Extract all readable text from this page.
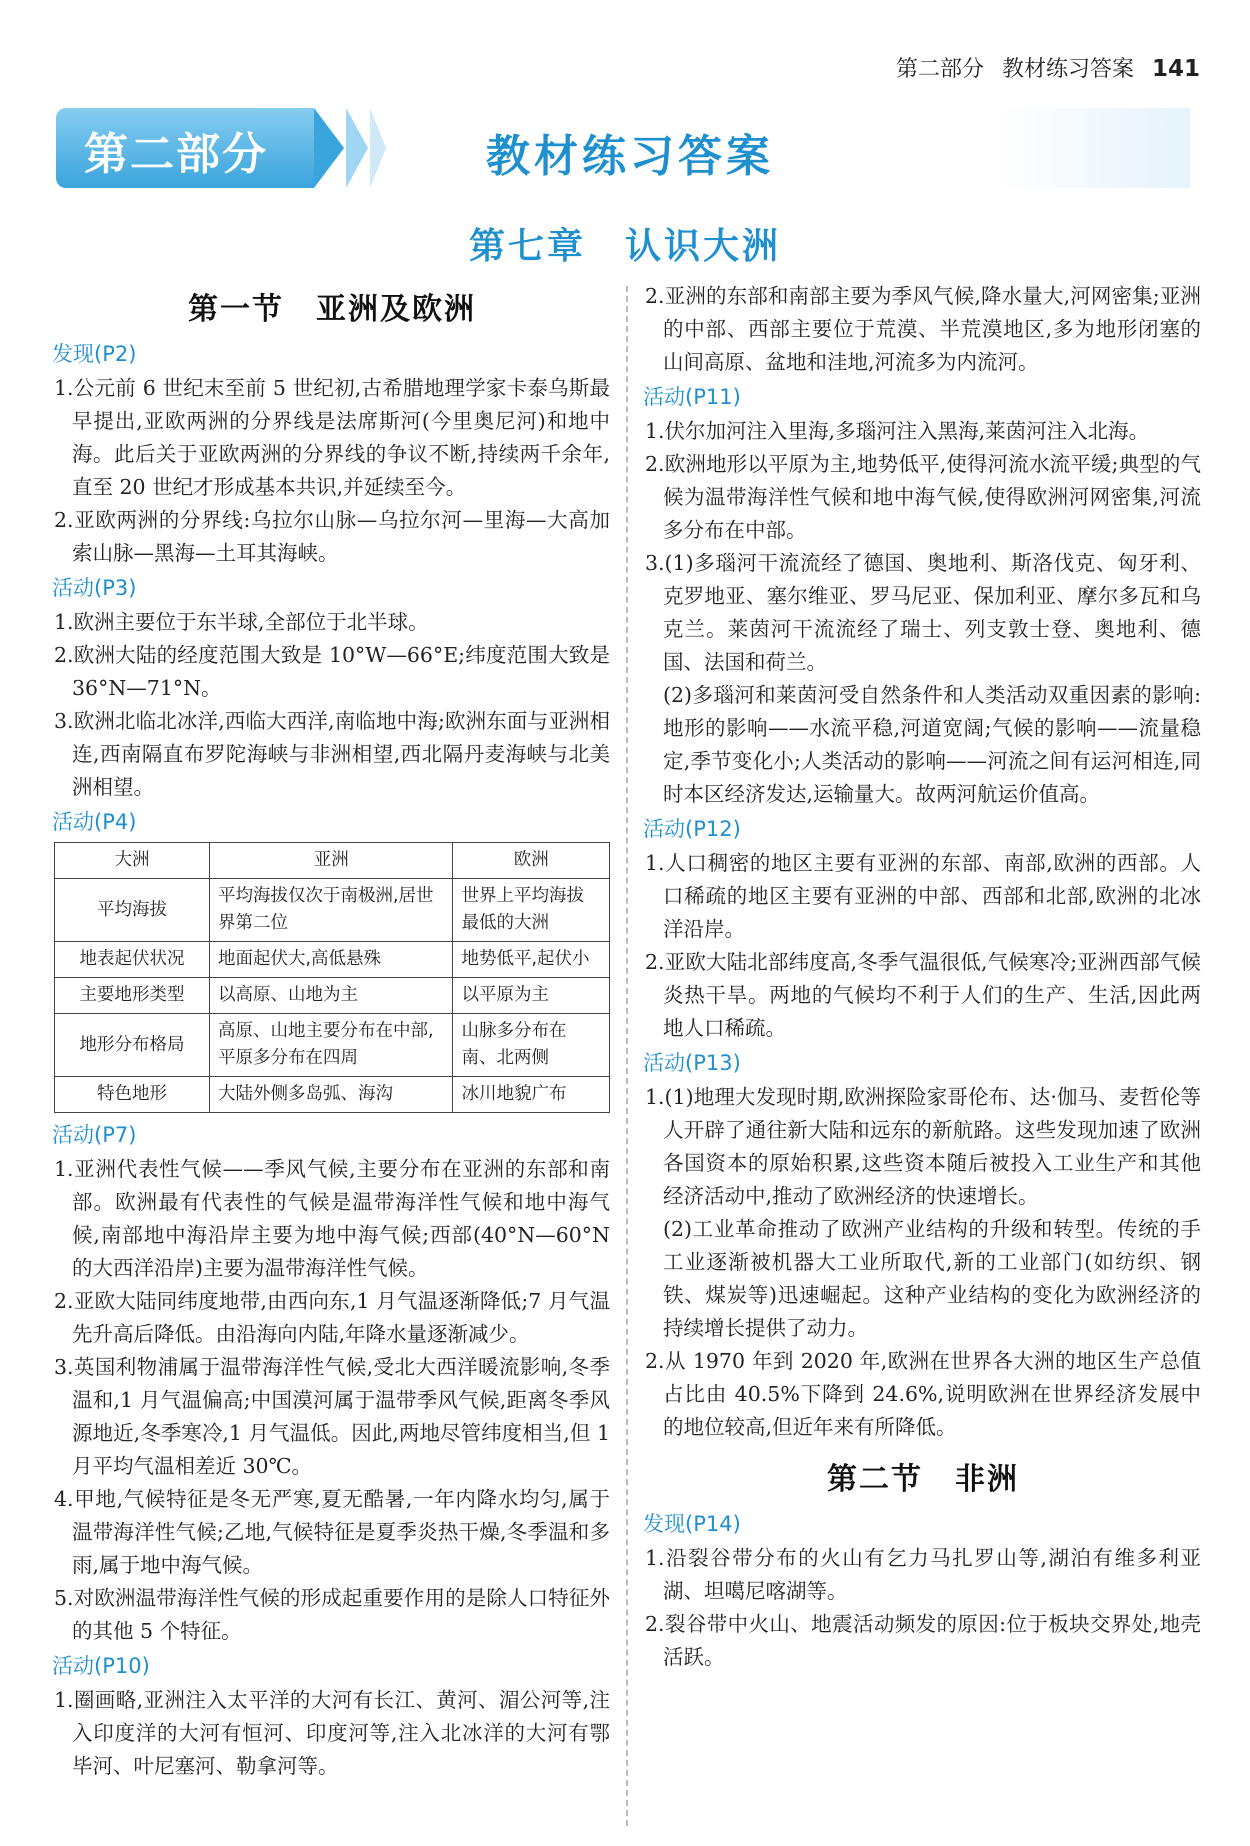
第二部分 教材练习答案 141
第二部分	教材练习答案
第七章　认识大洲
第一节　亚洲及欧洲
发现(P2)
1.公元前 6 世纪末至前 5 世纪初,古希腊地理学家卡泰乌斯最早提出,亚欧两洲的分界线是法席斯河(今里奥尼河)和地中海。此后关于亚欧两洲的分界线的争议不断,持续两千余年,直至 20 世纪才形成基本共识,并延续至今。
2.亚欧两洲的分界线:乌拉尔山脉—乌拉尔河—里海—大高加索山脉—黑海—土耳其海峡。
活动(P3)
1.欧洲主要位于东半球,全部位于北半球。
2.欧洲大陆的经度范围大致是 10°W—66°E;纬度范围大致是 36°N—71°N。
3.欧洲北临北冰洋,西临大西洋,南临地中海;欧洲东面与亚洲相连,西南隔直布罗陀海峡与非洲相望,西北隔丹麦海峡与北美洲相望。
活动(P4)
大洲	亚洲	欧洲
平均海拔	平均海拔仅次于南极洲,居世界第二位	世界上平均海拔最低的大洲
地表起伏状况	地面起伏大,高低悬殊	地势低平,起伏小
主要地形类型	以高原、山地为主	以平原为主
地形分布格局	高原、山地主要分布在中部,平原多分布在四周	山脉多分布在南、北两侧
特色地形	大陆外侧多岛弧、海沟	冰川地貌广布
活动(P7)
1.亚洲代表性气候——季风气候,主要分布在亚洲的东部和南部。欧洲最有代表性的气候是温带海洋性气候和地中海气候,南部地中海沿岸主要为地中海气候;西部(40°N—60°N 的大西洋沿岸)主要为温带海洋性气候。
2.亚欧大陆同纬度地带,由西向东,1 月气温逐渐降低;7 月气温先升高后降低。由沿海向内陆,年降水量逐渐减少。
3.英国利物浦属于温带海洋性气候,受北大西洋暖流影响,冬季温和,1 月气温偏高;中国漠河属于温带季风气候,距离冬季风源地近,冬季寒冷,1 月气温低。因此,两地尽管纬度相当,但 1 月平均气温相差近 30℃。
4.甲地,气候特征是冬无严寒,夏无酷暑,一年内降水均匀,属于温带海洋性气候;乙地,气候特征是夏季炎热干燥,冬季温和多雨,属于地中海气候。
5.对欧洲温带海洋性气候的形成起重要作用的是除人口特征外的其他 5 个特征。
活动(P10)
1.圈画略,亚洲注入太平洋的大河有长江、黄河、湄公河等,注入印度洋的大河有恒河、印度河等,注入北冰洋的大河有鄂毕河、叶尼塞河、勒拿河等。
2.亚洲的东部和南部主要为季风气候,降水量大,河网密集;亚洲的中部、西部主要位于荒漠、半荒漠地区,多为地形闭塞的山间高原、盆地和洼地,河流多为内流河。
活动(P11)
1.伏尔加河注入里海,多瑙河注入黑海,莱茵河注入北海。
2.欧洲地形以平原为主,地势低平,使得河流水流平缓;典型的气候为温带海洋性气候和地中海气候,使得欧洲河网密集,河流多分布在中部。
3.(1)多瑙河干流流经了德国、奥地利、斯洛伐克、匈牙利、克罗地亚、塞尔维亚、罗马尼亚、保加利亚、摩尔多瓦和乌克兰。莱茵河干流流经了瑞士、列支敦士登、奥地利、德国、法国和荷兰。
(2)多瑙河和莱茵河受自然条件和人类活动双重因素的影响:地形的影响——水流平稳,河道宽阔;气候的影响——流量稳定,季节变化小;人类活动的影响——河流之间有运河相连,同时本区经济发达,运输量大。故两河航运价值高。
活动(P12)
1.人口稠密的地区主要有亚洲的东部、南部,欧洲的西部。人口稀疏的地区主要有亚洲的中部、西部和北部,欧洲的北冰洋沿岸。
2.亚欧大陆北部纬度高,冬季气温很低,气候寒冷;亚洲西部气候炎热干旱。两地的气候均不利于人们的生产、生活,因此两地人口稀疏。
活动(P13)
1.(1)地理大发现时期,欧洲探险家哥伦布、达·伽马、麦哲伦等人开辟了通往新大陆和远东的新航路。这些发现加速了欧洲各国资本的原始积累,这些资本随后被投入工业生产和其他经济活动中,推动了欧洲经济的快速增长。
(2)工业革命推动了欧洲产业结构的升级和转型。传统的手工业逐渐被机器大工业所取代,新的工业部门(如纺织、钢铁、煤炭等)迅速崛起。这种产业结构的变化为欧洲经济的持续增长提供了动力。
2.从 1970 年到 2020 年,欧洲在世界各大洲的地区生产总值占比由 40.5%下降到 24.6%,说明欧洲在世界经济发展中的地位较高,但近年来有所降低。
第二节　非洲
发现(P14)
1.沿裂谷带分布的火山有乞力马扎罗山等,湖泊有维多利亚湖、坦噶尼喀湖等。
2.裂谷带中火山、地震活动频发的原因:位于板块交界处,地壳活跃。
